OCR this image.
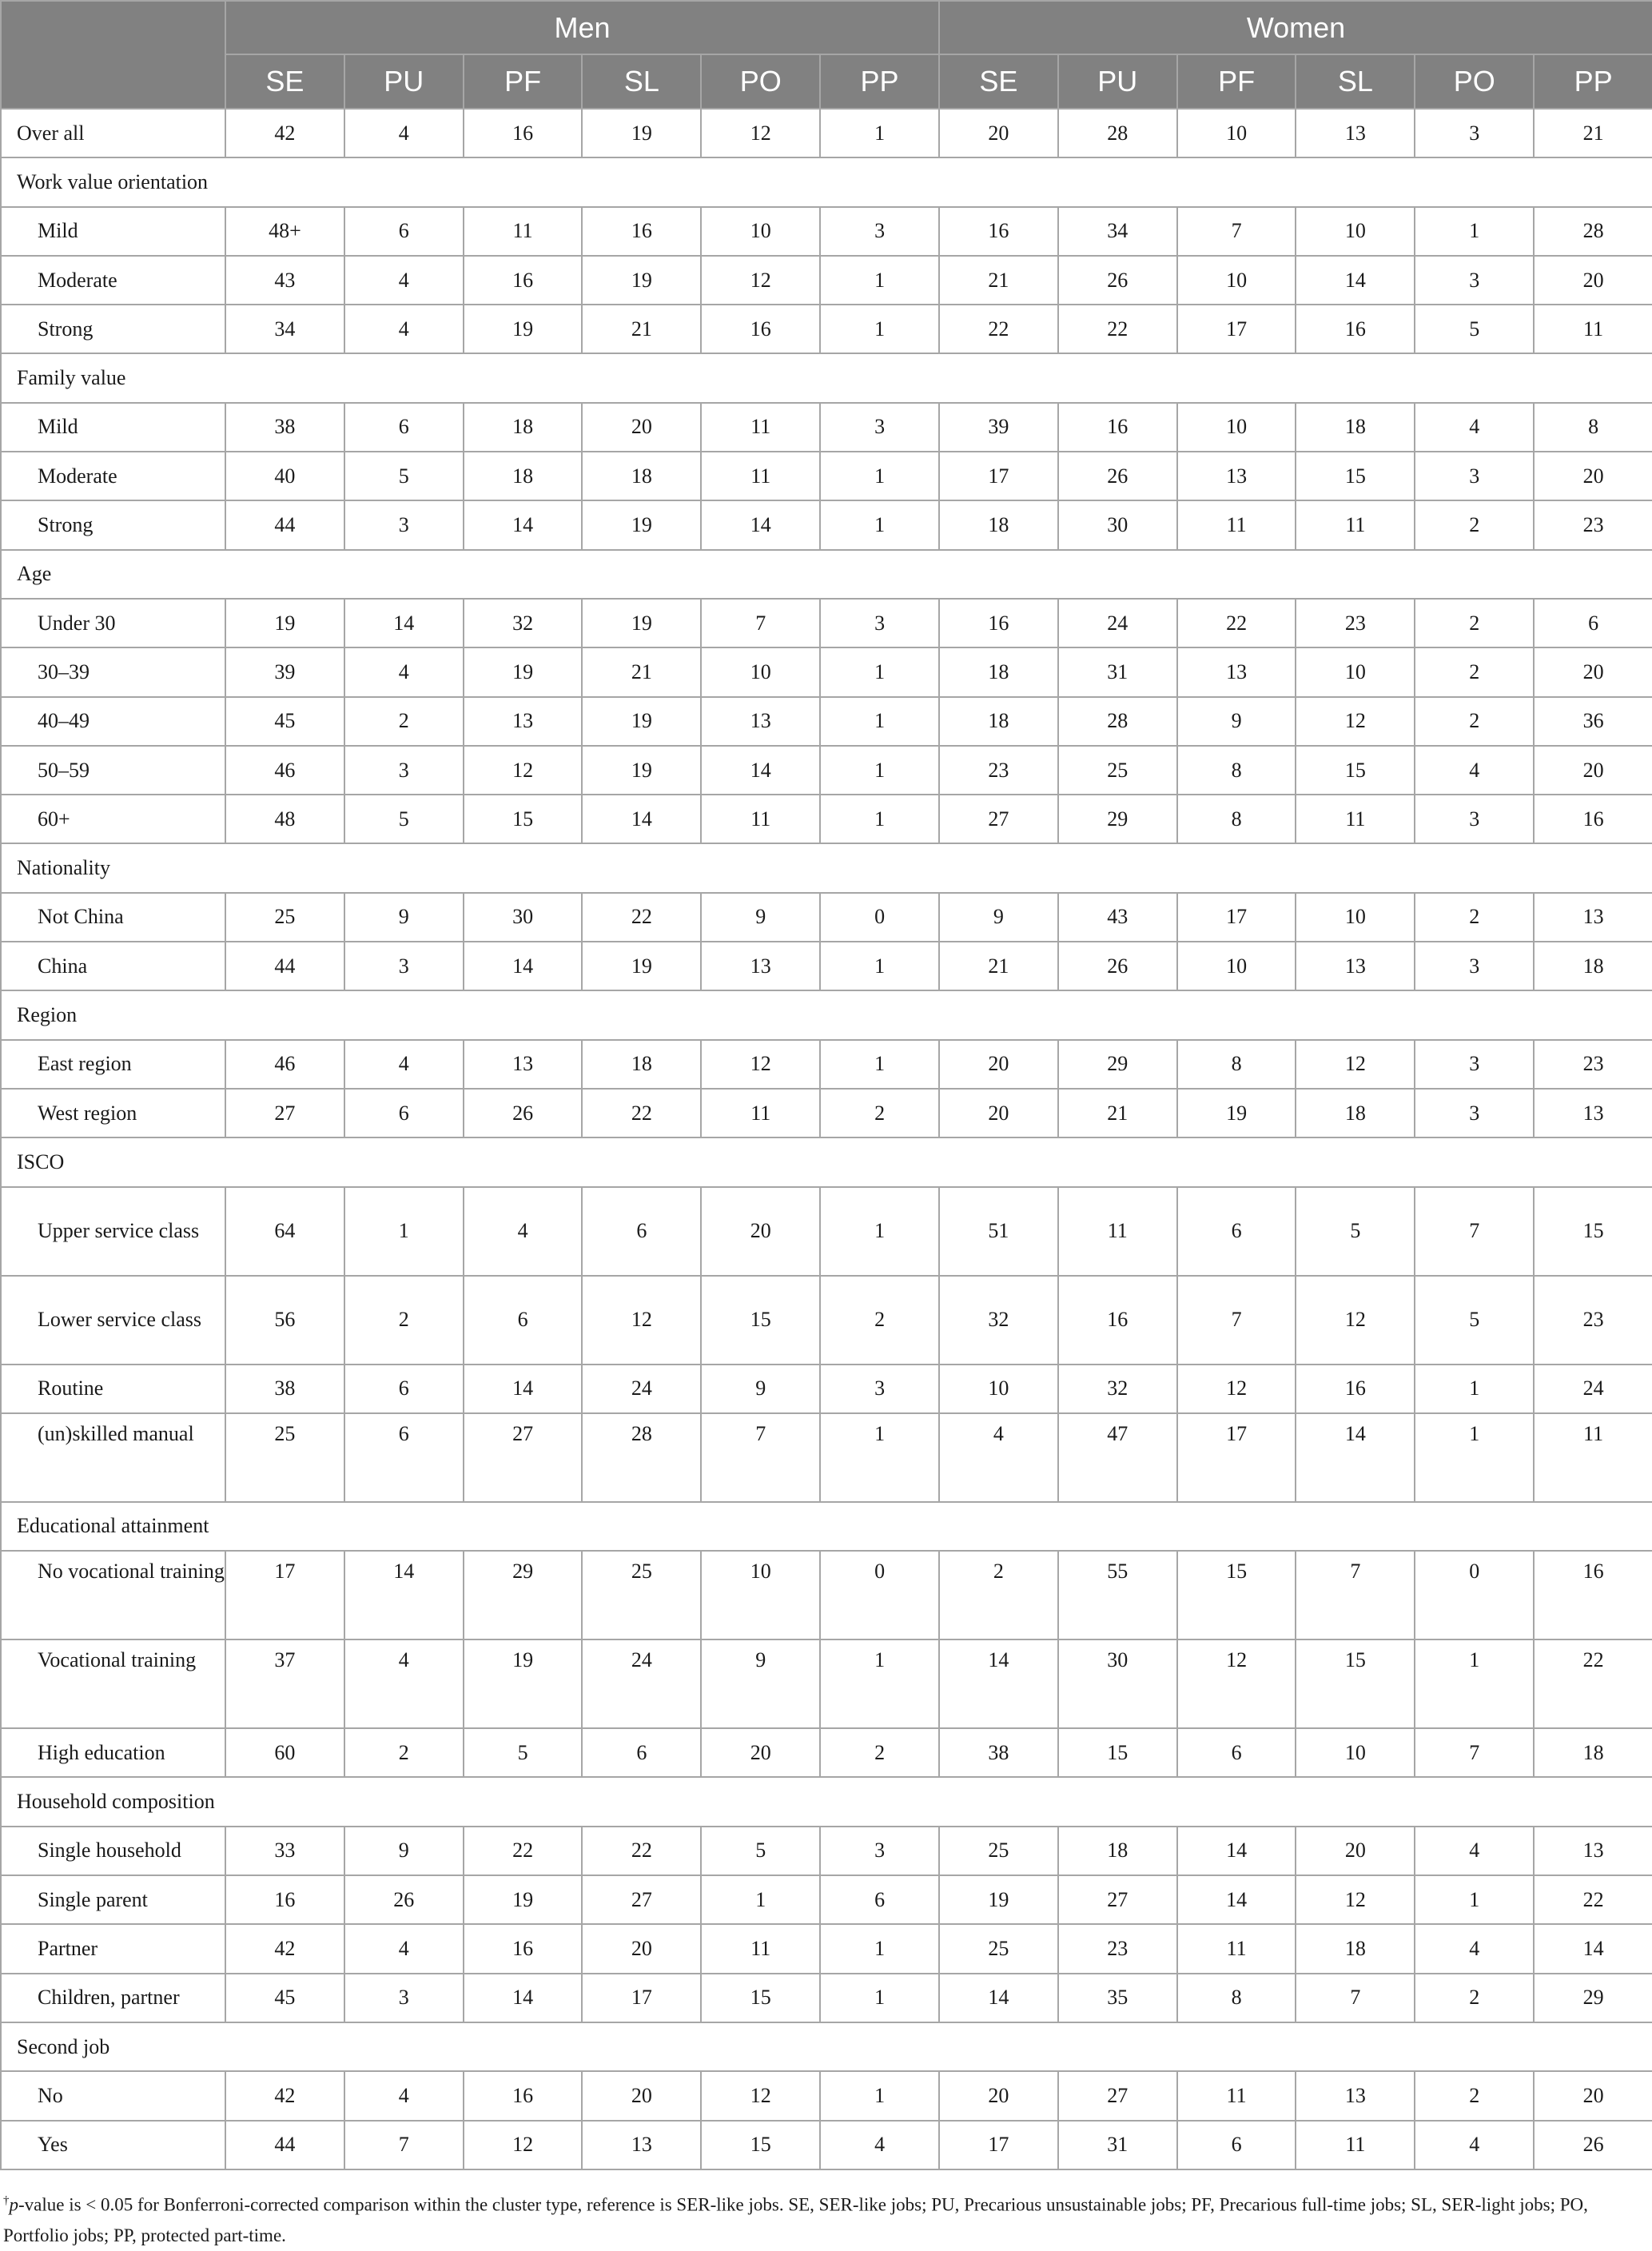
	Men						Women					
	SE	PU	PF	SL	PO	PP	SE	PU	PF	SL	PO	PP
Over all	42	4	16	19	12	1	20	28	10	13	3	21
Work value orientation												
Mild	48+	6	11	16	10	3	16	34	7	10	1	28
Moderate	43	4	16	19	12	1	21	26	10	14	3	20
Strong	34	4	19	21	16	1	22	22	17	16	5	11
Family value												
Mild	38	6	18	20	11	3	39	16	10	18	4	8
Moderate	40	5	18	18	11	1	17	26	13	15	3	20
Strong	44	3	14	19	14	1	18	30	11	11	2	23
Age												
Under 30	19	14	32	19	7	3	16	24	22	23	2	6
30–39	39	4	19	21	10	1	18	31	13	10	2	20
40–49	45	2	13	19	13	1	18	28	9	12	2	36
50–59	46	3	12	19	14	1	23	25	8	15	4	20
60+	48	5	15	14	11	1	27	29	8	11	3	16
Nationality												
Not China	25	9	30	22	9	0	9	43	17	10	2	13
China	44	3	14	19	13	1	21	26	10	13	3	18
Region												
East region	46	4	13	18	12	1	20	29	8	12	3	23
West region	27	6	26	22	11	2	20	21	19	18	3	13
ISCO												
Upper service class	64	1	4	6	20	1	51	11	6	5	7	15
Lower service class	56	2	6	12	15	2	32	16	7	12	5	23
Routine	38	6	14	24	9	3	10	32	12	16	1	24
(un)skilled manual	25	6	27	28	7	1	4	47	17	14	1	11
Educational attainment												
No vocational training	17	14	29	25	10	0	2	55	15	7	0	16
Vocational training	37	4	19	24	9	1	14	30	12	15	1	22
High education	60	2	5	6	20	2	38	15	6	10	7	18
Household composition												
Single household	33	9	22	22	5	3	25	18	14	20	4	13
Single parent	16	26	19	27	1	6	19	27	14	12	1	22
Partner	42	4	16	20	11	1	25	23	11	18	4	14
Children, partner	45	3	14	17	15	1	14	35	8	7	2	29
Second job												
No	42	4	16	20	12	1	20	27	11	13	2	20
Yes	44	7	12	13	15	4	17	31	6	11	4	26
†p-value is < 0.05 for Bonferroni-corrected comparison within the cluster type, reference is SER-like jobs. SE, SER-like jobs; PU, Precarious unsustainable jobs; PF, Precarious full-time jobs; SL, SER-light jobs; PO, Portfolio jobs; PP, protected part-time.
